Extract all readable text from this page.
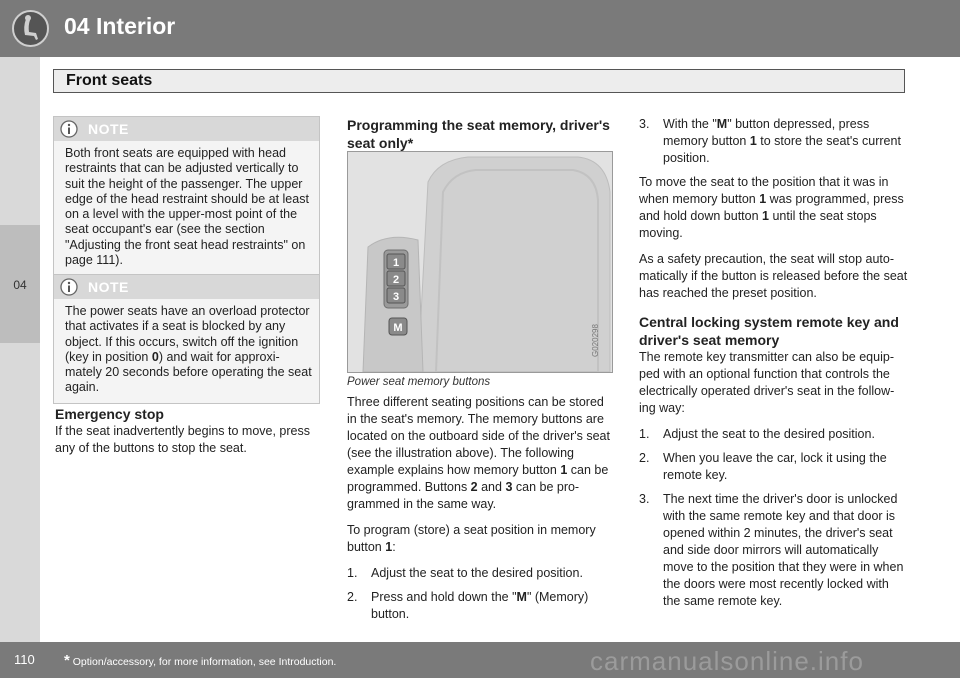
04 Interior
04
Front seats
NOTE
Both front seats are equipped with head restraints that can be adjusted vertically to suit the height of the passenger. The upper edge of the head restraint should be at least on a level with the upper-most point of the seat occupant's ear (see the section "Adjusting the front seat head restraints" on page 111).
NOTE
The power seats have an overload protector that activates if a seat is blocked by any object. If this occurs, switch off the ignition (key in position 0) and wait for approxi-mately 20 seconds before operating the seat again.
Emergency stop

If the seat inadvertently begins to move, press any of the buttons to stop the seat.

Programming the seat memory, driver's seat only*
1
2
3
M	G020298
Power seat memory buttons

Three different seating positions can be stored in the seat's memory. The memory buttons are located on the outboard side of the driver's seat (see the illustration above). The following example explains how memory button 1 can be programmed. Buttons 2 and 3 can be pro-grammed in the same way.

To program (store) a seat position in memory button 1:

1. Adjust the seat to the desired position.
2. Press and hold down the "M" (Memory) button.
3. With the "M" button depressed, press memory button 1 to store the seat's current position.

To move the seat to the position that it was in when memory button 1 was programmed, press and hold down button 1 until the seat stops moving.

As a safety precaution, the seat will stop auto-matically if the button is released before the seat has reached the preset position.

Central locking system remote key and driver's seat memory

The remote key transmitter can also be equip-ped with an optional function that controls the electrically operated driver's seat in the follow-ing way:

1. Adjust the seat to the desired position.
2. When you leave the car, lock it using the remote key.
3. The next time the driver's door is unlocked with the same remote key and that door is opened within 2 minutes, the driver's seat and side door mirrors will automatically move to the position that they were in when the doors were most recently locked with the same remote key.
110 * Option/accessory, for more information, see Introduction.	carmanualsonline.info
